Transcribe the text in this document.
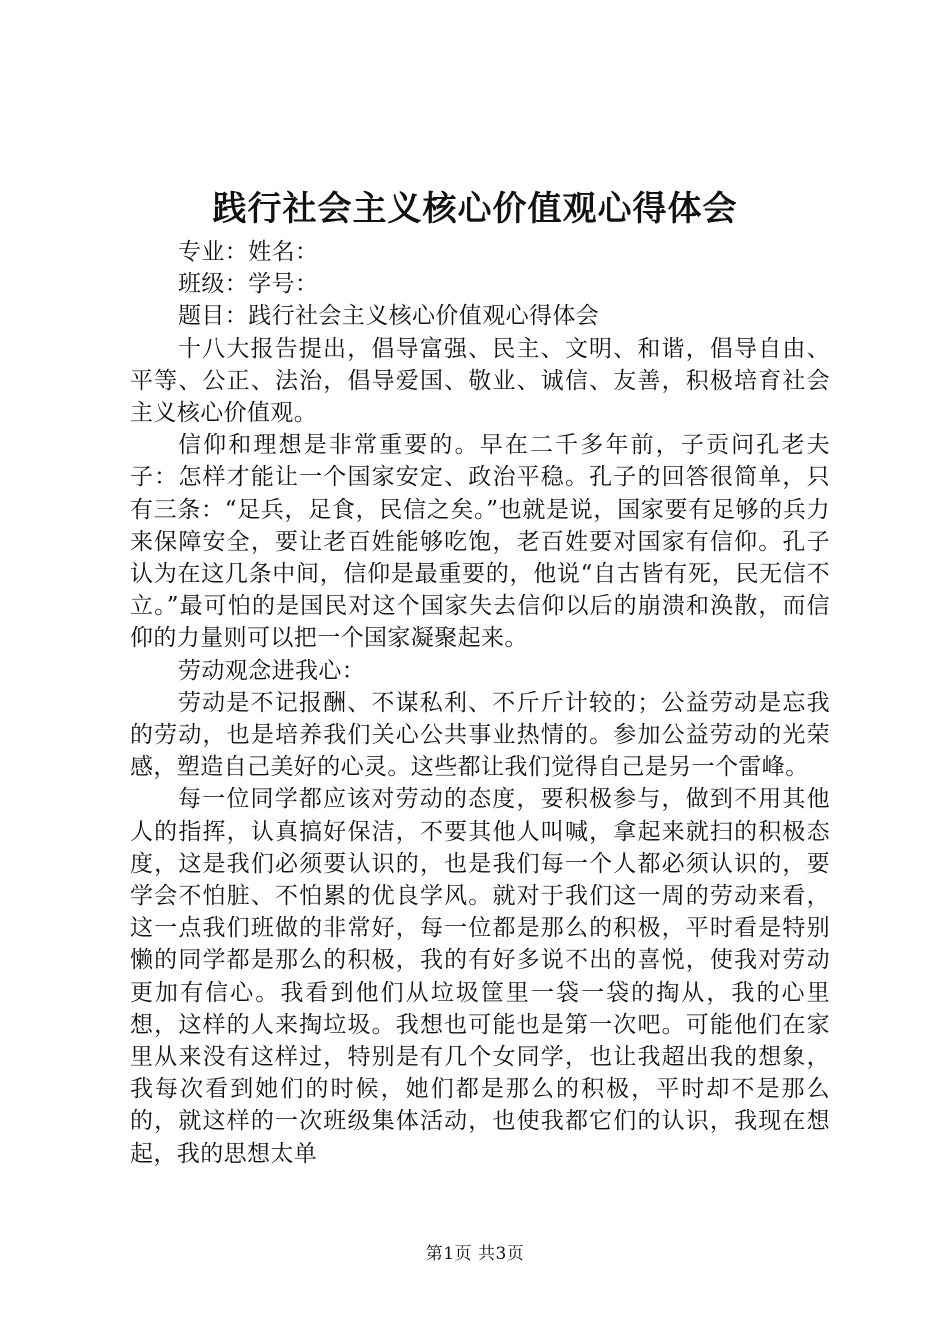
践行社会主义核心价值观心得体会

专业：姓名：

班级：学号：

题目：践行社会主义核心价值观心得体会

十八大报告提出，倡导富强、民主、文明、和谐，倡导自由、平等、公正、法治，倡导爱国、敬业、诚信、友善，积极培育社会主义核心价值观。

信仰和理想是非常重要的。早在二千多年前，子贡问孔老夫子：怎样才能让一个国家安定、政治平稳。孔子的回答很简单，只有三条：“足兵，足食，民信之矣。”也就是说，国家要有足够的兵力来保障安全，要让老百姓能够吃饱，老百姓要对国家有信仰。孔子认为在这几条中间，信仰是最重要的，他说“自古皆有死，民无信不立。”最可怕的是国民对这个国家失去信仰以后的崩溃和涣散，而信仰的力量则可以把一个国家凝聚起来。

劳动观念进我心：

劳动是不记报酬、不谋私利、不斤斤计较的；公益劳动是忘我的劳动，也是培养我们关心公共事业热情的。参加公益劳动的光荣感，塑造自己美好的心灵。这些都让我们觉得自己是另一个雷峰。

每一位同学都应该对劳动的态度，要积极参与，做到不用其他人的指挥，认真搞好保洁，不要其他人叫喊，拿起来就扫的积极态度，这是我们必须要认识的，也是我们每一个人都必须认识的，要学会不怕脏、不怕累的优良学风。就对于我们这一周的劳动来看，这一点我们班做的非常好，每一位都是那么的积极，平时看是特别懒的同学都是那么的积极，我的有好多说不出的喜悦，使我对劳动更加有信心。我看到他们从垃圾筐里一袋一袋的掏从，我的心里想，这样的人来掏垃圾。我想也可能也是第一次吧。可能他们在家里从来没有这样过，特别是有几个女同学，也让我超出我的想象，我每次看到她们的时候，她们都是那么的积极，平时却不是那么的，就这样的一次班级集体活动，也使我都它们的认识，我现在想起，我的思想太单

第1页 共3页
